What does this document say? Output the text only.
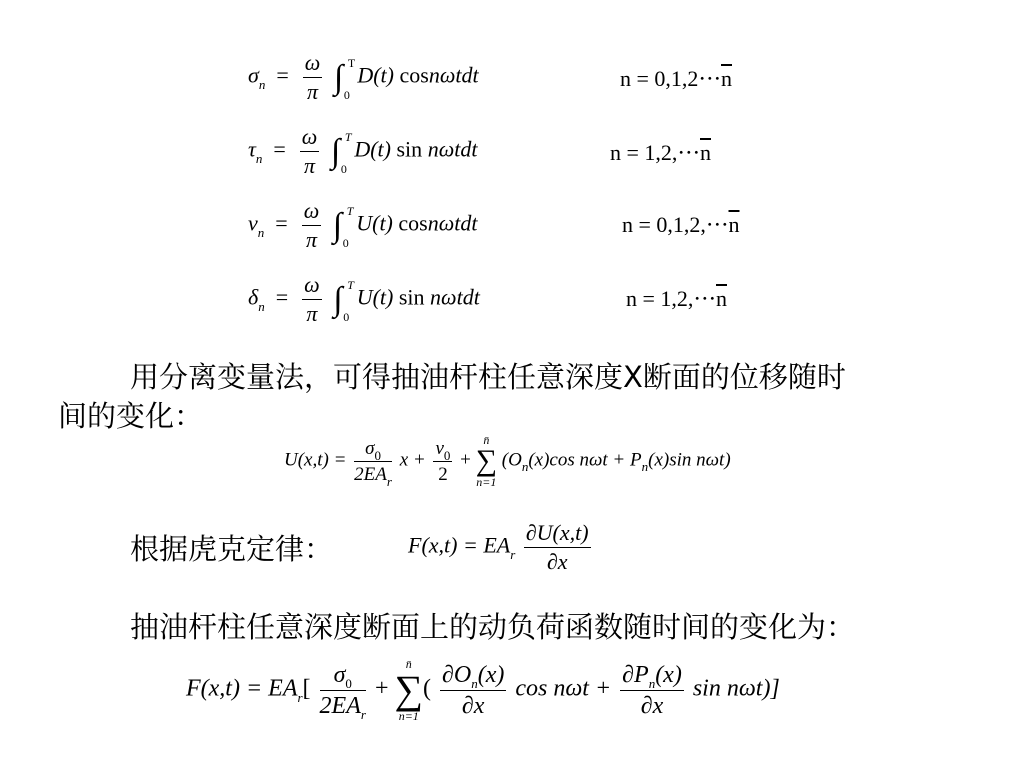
$\sigma_n = \frac{\omega}{\pi}$ ∫ T
0
D(t) cosnωtdt	$n = 0,1,2\cdot\cdot\cdot\overline{n}$
$\tau_n = \frac{\omega}{\pi}$ ∫ T
0
D(t) sin nωtdt	$n = 1,2,\cdot\cdot\cdot\overline{n}$
$\nu_n = \frac{\omega}{\pi}$ ∫ T
0
U(t) cosnωtdt	$n = 0,1,2,\cdot\cdot\cdot\overline{n}$
$\delta_n = \frac{\omega}{\pi}$ ∫ T
0
U(t) sin nωtdt	$n = 1,2,\cdot\cdot\cdot\overline{n}$
用分离变量法，可得抽油杆柱任意深度X断面的位移随时
间的变化：
$U(x,t) = \frac{\sigma_0}{2EA_r}$ $x + \frac{\nu_0}{2}$ +
n̄
∑
n=1
($O_n(x)\cos$ $n\omega t + P_n(x)\sin$ nωt)
根据虎克定律：	$F(x,t) = EA_r \frac{\partial U(x,t)}{\partial x}$
抽油杆柱任意深度断面上的动负荷函数随时间的变化为：
$F(x,t) = EA_r[ \frac{\sigma_0}{2EA_r}$ +
n̄
∑
n=1
( $\frac{\partial O_n(x)}{\partial x}$ $\cos n\omega t + \frac{\partial P_n(x)}{\partial x}$ sin nωt)]
